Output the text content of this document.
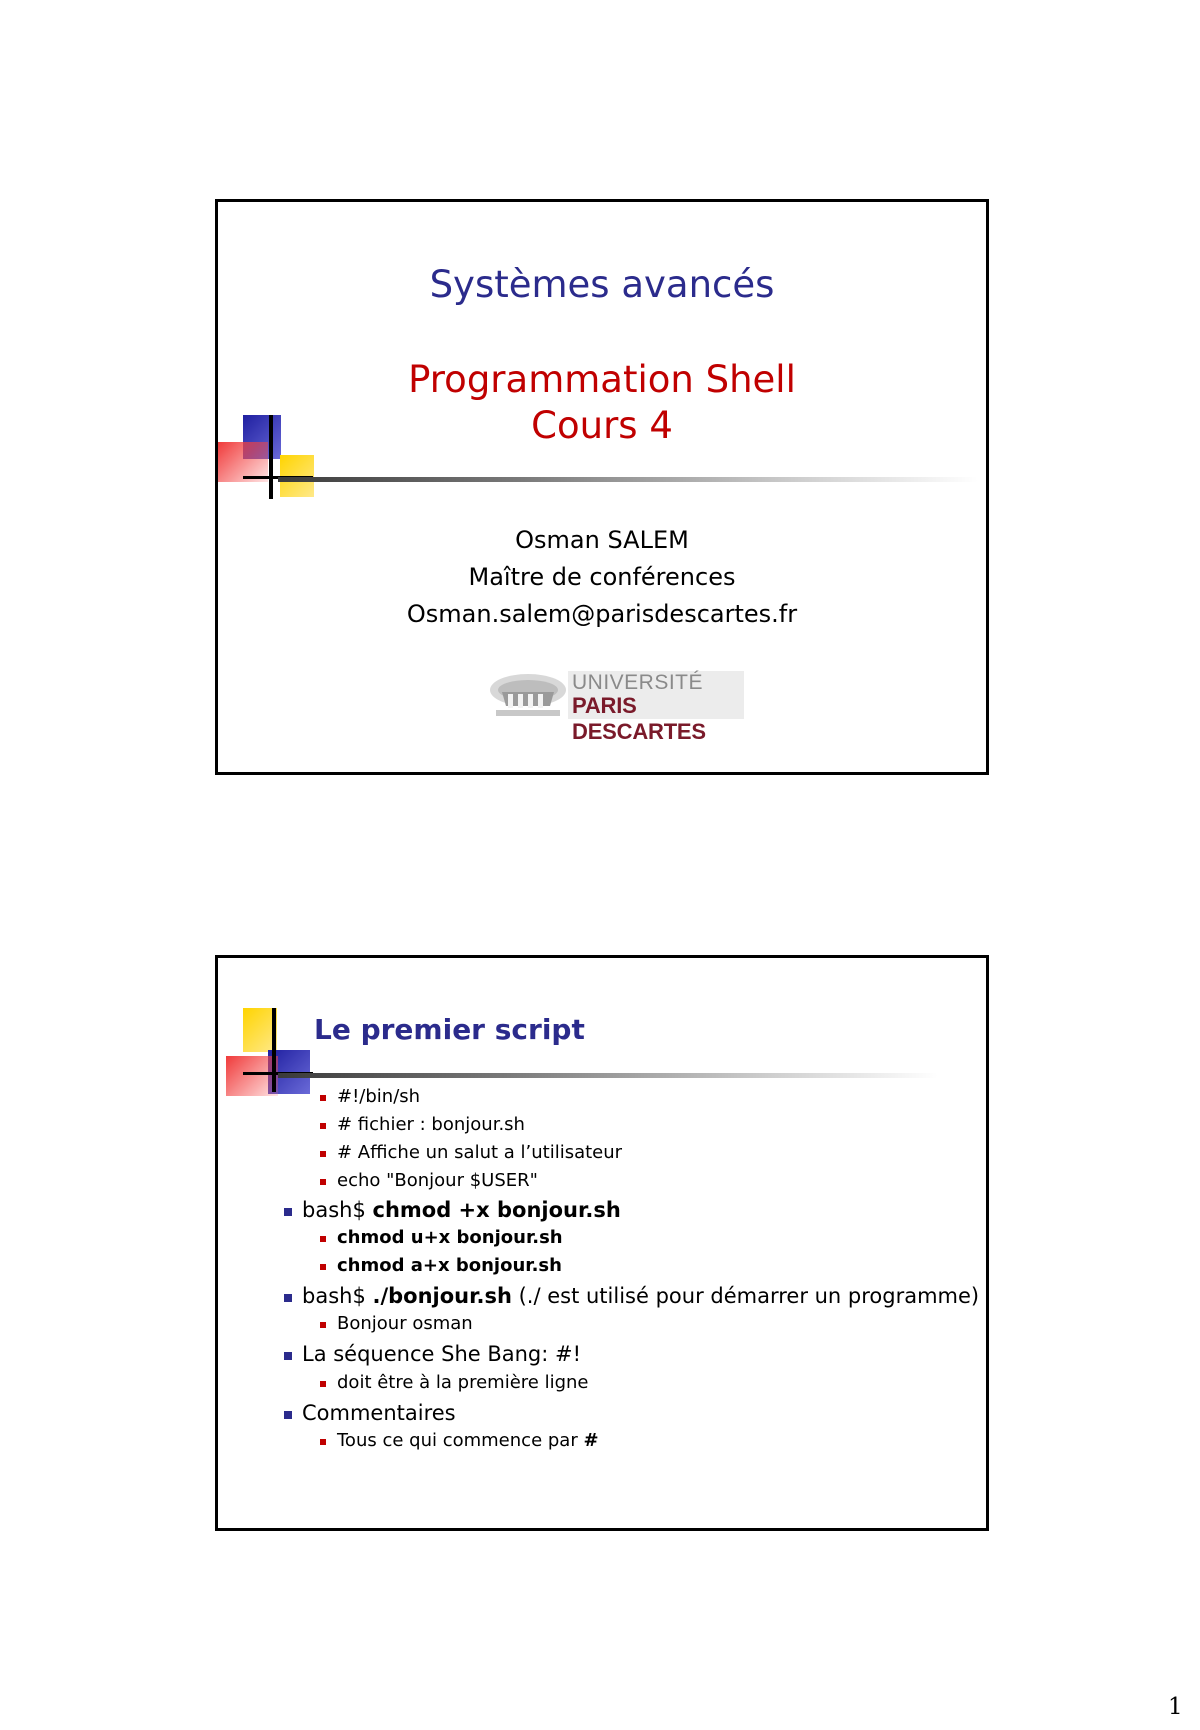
Systèmes avancés
Programmation Shell
Cours 4
Osman SALEM
Maître de conférences
Osman.salem@parisdescartes.fr
UNIVERSITÉ
PARIS DESCARTES
Le premier script
#!/bin/sh
# fichier : bonjour.sh
# Affiche un salut a l’utilisateur
echo "Bonjour $USER"
bash$ chmod +x bonjour.sh
chmod u+x bonjour.sh
chmod a+x bonjour.sh
bash$ ./bonjour.sh (./ est utilisé pour démarrer un programme)
Bonjour osman
La séquence She Bang: #!
doit être à la première ligne
Commentaires
Tous ce qui commence par #
1
